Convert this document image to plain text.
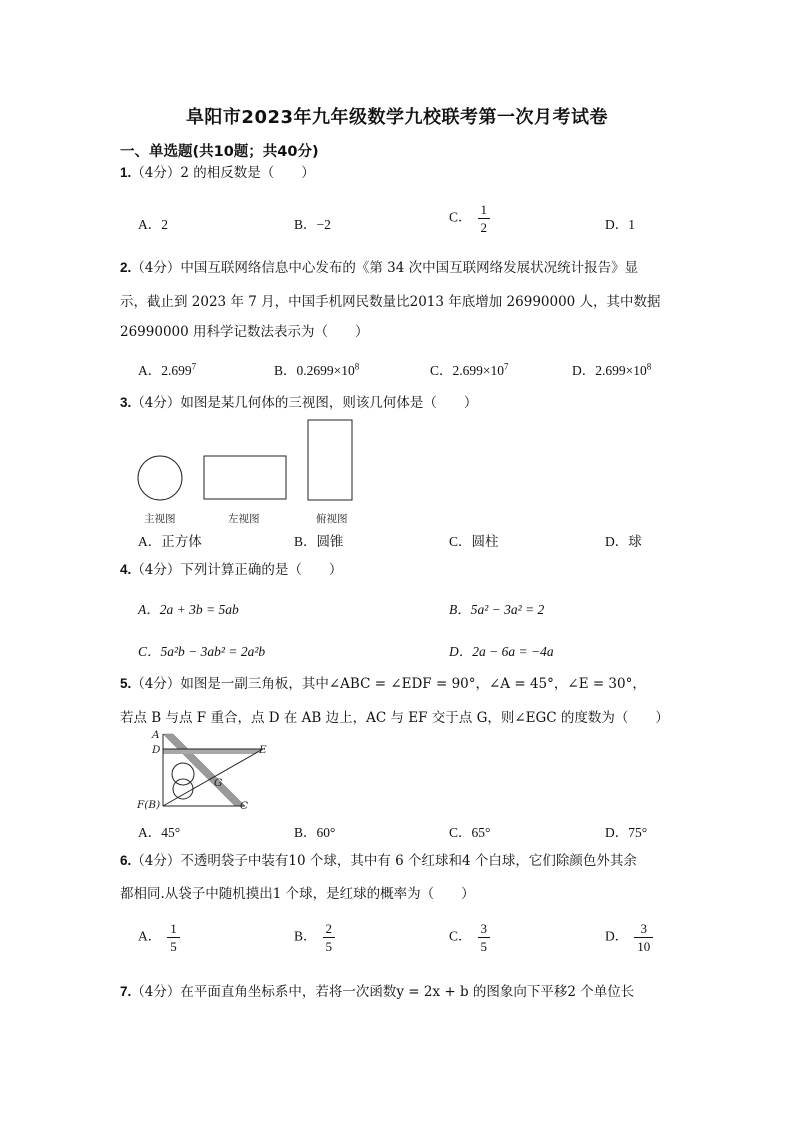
阜阳市2023年九年级数学九校联考第一次月考试卷
一、单选题(共10题；共40分)
1.（4分）2 的相反数是（　　）
A．2	B．−2	C． $\frac{1}{2}$	D．1
2.（4分）中国互联网络信息中心发布的《第 34 次中国互联网络发展状况统计报告》显
示，截止到 2023 年 7 月，中国手机网民数量比2013 年底增加 26990000 人，其中数据
26990000 用科学记数法表示为（　　）
A．2.699$^7$	B．$0.2699\times 10^8$	C．$2.699\times 10^7$	D．$2.699\times 10^8$
3.（4分）如图是某几何体的三视图，则该几何体是（　　）
主视图	左视图	俯视图
A．正方体	B．圆锥	C．圆柱	D．球
4.（4分）下列计算正确的是（　　）
A．2a + 3b = 5ab	B．5a² − 3a² = 2
C．5a²b − 3ab² = 2a²b	D．2a − 6a = −4a
5.（4分）如图是一副三角板，其中∠ABC = ∠EDF = 90°，∠A = 45°，∠E = 30°，
若点 B 与点 F 重合，点 D 在 AB 边上，AC 与 EF 交于点 G，则∠EGC 的度数为（　　）
A
D	E
G
F(B)	C
A．45°	B．60°	C．65°	D．75°
6.（4分）不透明袋子中装有10 个球，其中有 6 个红球和4 个白球，它们除颜色外其余
都相同.从袋子中随机摸出1 个球，是红球的概率为（　　）
A． $\frac{1}{5}$	B． $\frac{2}{5}$	C． $\frac{3}{5}$	D． $\frac{3}{10}$
7.（4分）在平面直角坐标系中，若将一次函数y = 2x + b 的图象向下平移2 个单位长
